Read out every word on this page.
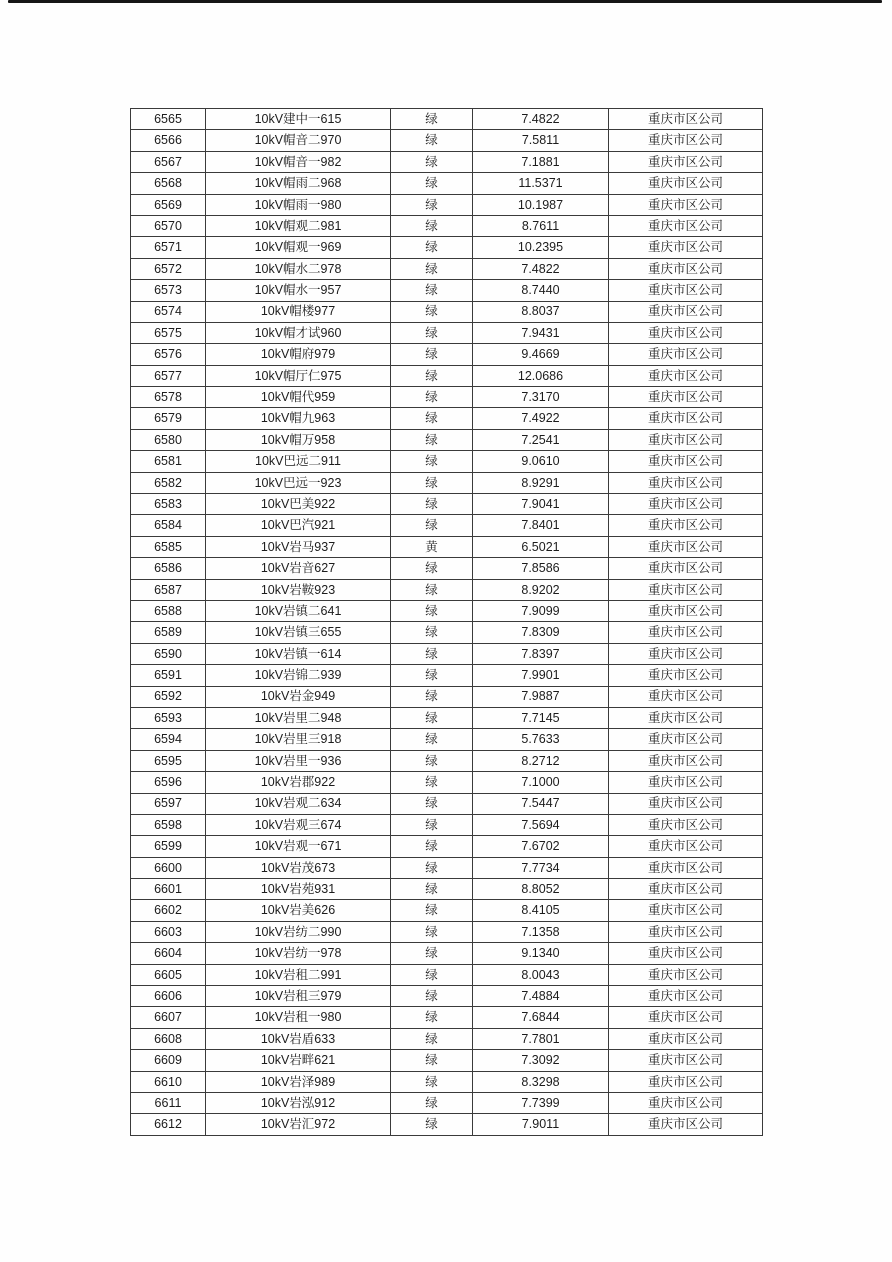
6565	10kV建中一615	绿	7.4822	重庆市区公司
6566	10kV帽音二970	绿	7.5811	重庆市区公司
6567	10kV帽音一982	绿	7.1881	重庆市区公司
6568	10kV帽雨二968	绿	11.5371	重庆市区公司
6569	10kV帽雨一980	绿	10.1987	重庆市区公司
6570	10kV帽观二981	绿	8.7611	重庆市区公司
6571	10kV帽观一969	绿	10.2395	重庆市区公司
6572	10kV帽水二978	绿	7.4822	重庆市区公司
6573	10kV帽水一957	绿	8.7440	重庆市区公司
6574	10kV帽楼977	绿	8.8037	重庆市区公司
6575	10kV帽才试960	绿	7.9431	重庆市区公司
6576	10kV帽府979	绿	9.4669	重庆市区公司
6577	10kV帽厅仁975	绿	12.0686	重庆市区公司
6578	10kV帽代959	绿	7.3170	重庆市区公司
6579	10kV帽九963	绿	7.4922	重庆市区公司
6580	10kV帽万958	绿	7.2541	重庆市区公司
6581	10kV巴远二911	绿	9.0610	重庆市区公司
6582	10kV巴远一923	绿	8.9291	重庆市区公司
6583	10kV巴美922	绿	7.9041	重庆市区公司
6584	10kV巴汽921	绿	7.8401	重庆市区公司
6585	10kV岩马937	黄	6.5021	重庆市区公司
6586	10kV岩音627	绿	7.8586	重庆市区公司
6587	10kV岩鞍923	绿	8.9202	重庆市区公司
6588	10kV岩镇二641	绿	7.9099	重庆市区公司
6589	10kV岩镇三655	绿	7.8309	重庆市区公司
6590	10kV岩镇一614	绿	7.8397	重庆市区公司
6591	10kV岩锦二939	绿	7.9901	重庆市区公司
6592	10kV岩金949	绿	7.9887	重庆市区公司
6593	10kV岩里二948	绿	7.7145	重庆市区公司
6594	10kV岩里三918	绿	5.7633	重庆市区公司
6595	10kV岩里一936	绿	8.2712	重庆市区公司
6596	10kV岩郡922	绿	7.1000	重庆市区公司
6597	10kV岩观二634	绿	7.5447	重庆市区公司
6598	10kV岩观三674	绿	7.5694	重庆市区公司
6599	10kV岩观一671	绿	7.6702	重庆市区公司
6600	10kV岩茂673	绿	7.7734	重庆市区公司
6601	10kV岩苑931	绿	8.8052	重庆市区公司
6602	10kV岩美626	绿	8.4105	重庆市区公司
6603	10kV岩纺二990	绿	7.1358	重庆市区公司
6604	10kV岩纺一978	绿	9.1340	重庆市区公司
6605	10kV岩租二991	绿	8.0043	重庆市区公司
6606	10kV岩租三979	绿	7.4884	重庆市区公司
6607	10kV岩租一980	绿	7.6844	重庆市区公司
6608	10kV岩盾633	绿	7.7801	重庆市区公司
6609	10kV岩畔621	绿	7.3092	重庆市区公司
6610	10kV岩泽989	绿	8.3298	重庆市区公司
6611	10kV岩泓912	绿	7.7399	重庆市区公司
6612	10kV岩汇972	绿	7.9011	重庆市区公司
